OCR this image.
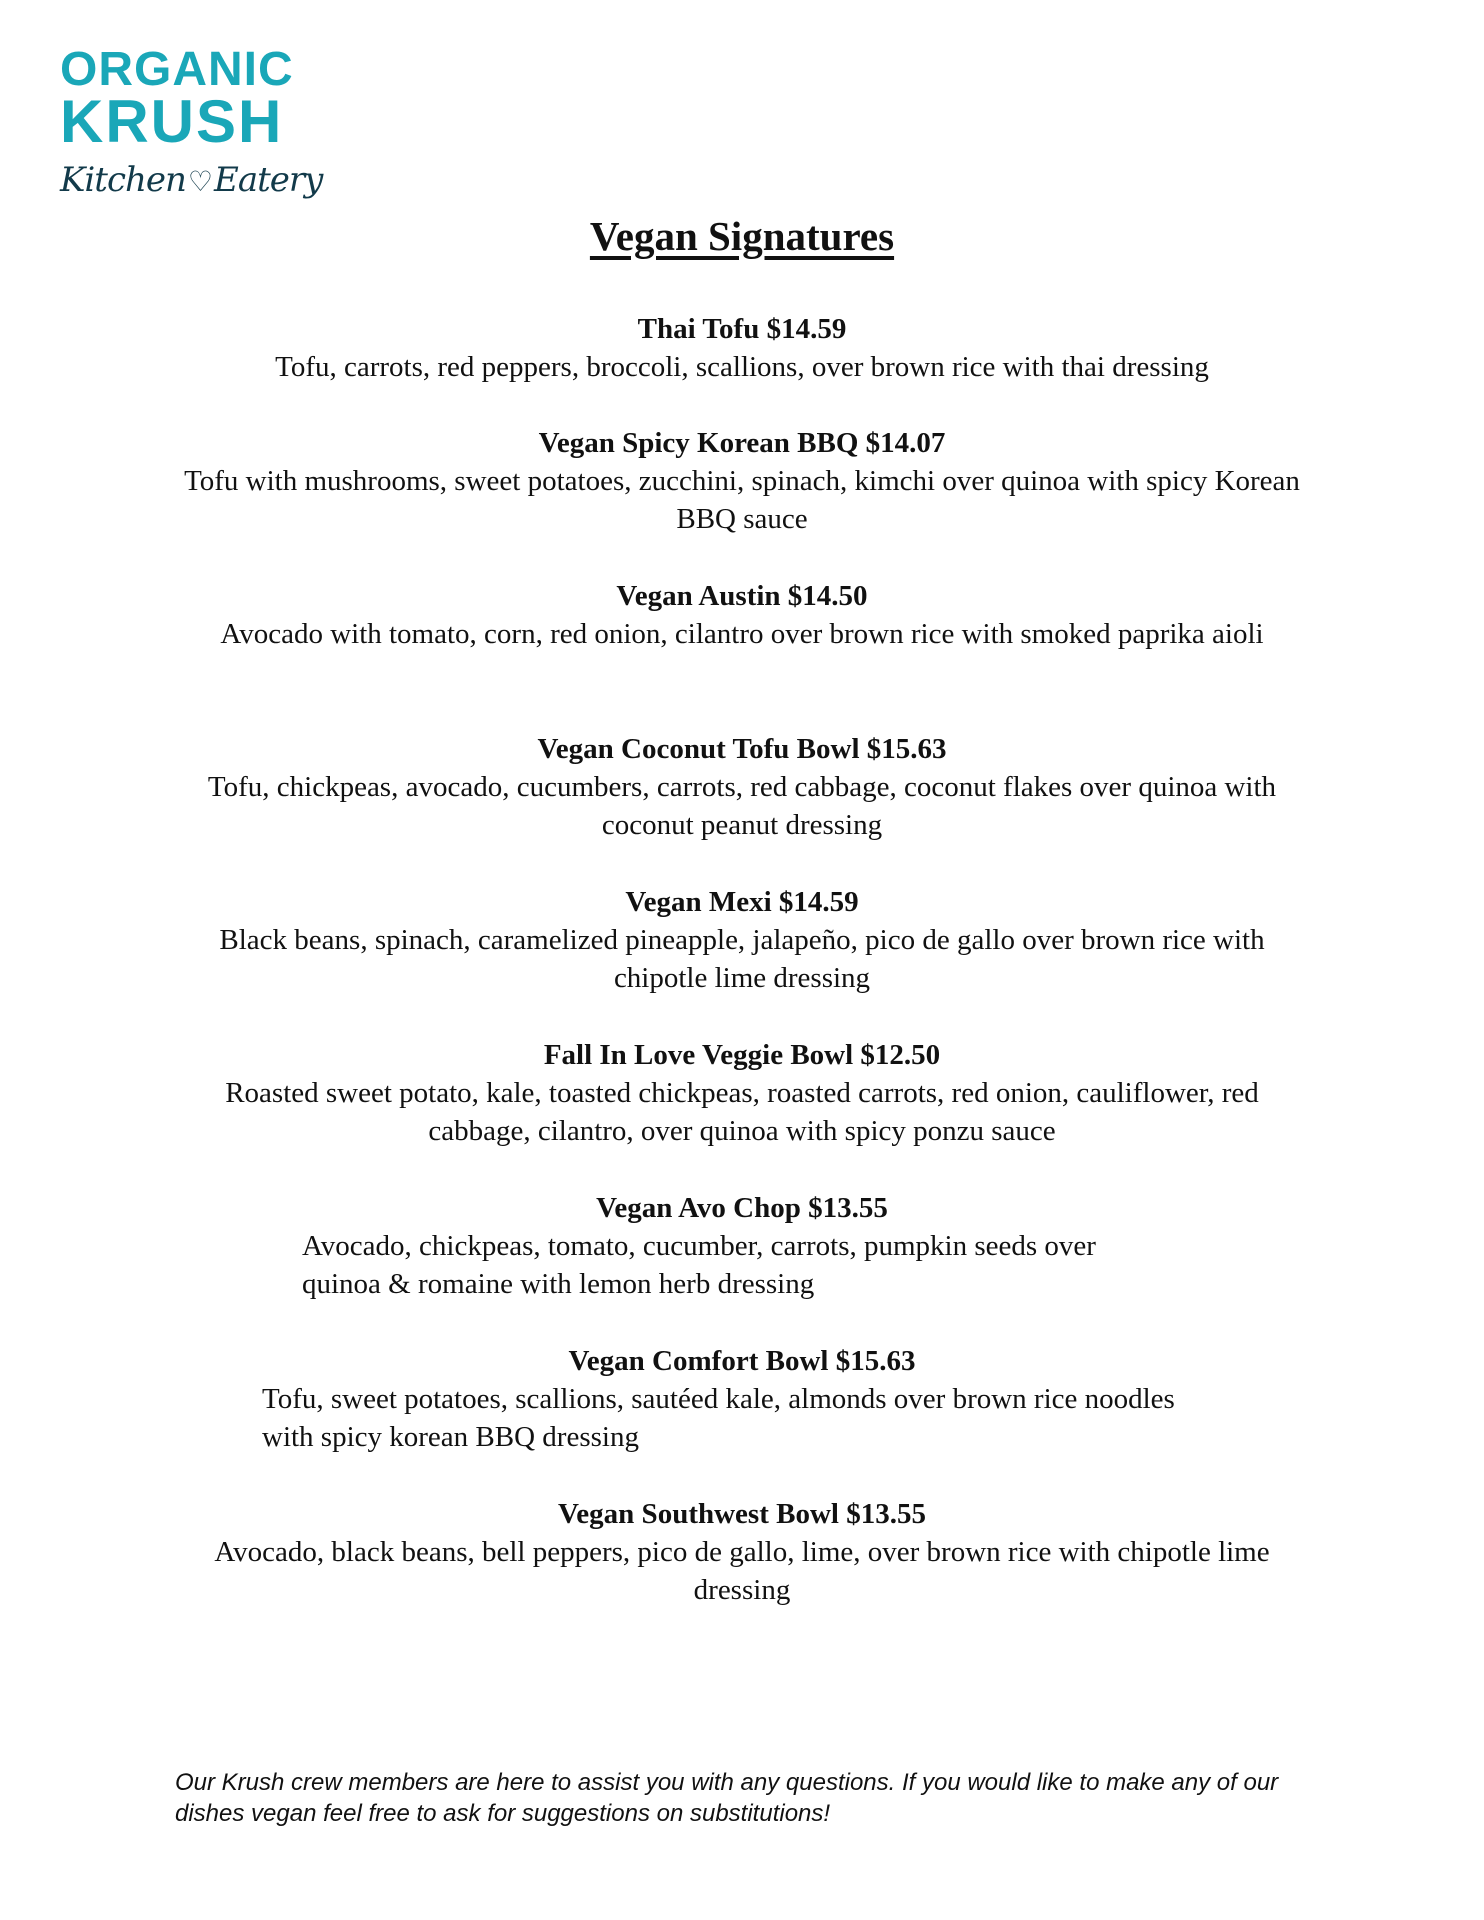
ORGANIC
KRUSH
Kitchen♡Eatery
Vegan Signatures
Thai Tofu $14.59
Tofu, carrots, red peppers, broccoli, scallions, over brown rice with thai dressing
Vegan Spicy Korean BBQ $14.07
Tofu with mushrooms, sweet potatoes, zucchini, spinach, kimchi over quinoa with spicy Korean BBQ sauce
Vegan Austin $14.50
Avocado with tomato, corn, red onion, cilantro over brown rice with smoked paprika aioli
Vegan Coconut Tofu Bowl $15.63
Tofu, chickpeas, avocado, cucumbers, carrots, red cabbage, coconut flakes over quinoa with coconut peanut dressing
Vegan Mexi $14.59
Black beans, spinach, caramelized pineapple, jalapeño, pico de gallo over brown rice with chipotle lime dressing
Fall In Love Veggie Bowl $12.50
Roasted sweet potato, kale, toasted chickpeas, roasted carrots, red onion, cauliflower, red cabbage, cilantro, over quinoa with spicy ponzu sauce
Vegan Avo Chop $13.55
Avocado, chickpeas, tomato, cucumber, carrots, pumpkin seeds over quinoa & romaine with lemon herb dressing
Vegan Comfort Bowl $15.63
Tofu, sweet potatoes, scallions, sautéed kale, almonds over brown rice noodles with spicy korean BBQ dressing
Vegan Southwest Bowl $13.55
Avocado, black beans, bell peppers, pico de gallo, lime, over brown rice with chipotle lime dressing
Our Krush crew members are here to assist you with any questions. If you would like to make any of our dishes vegan feel free to ask for suggestions on substitutions!
